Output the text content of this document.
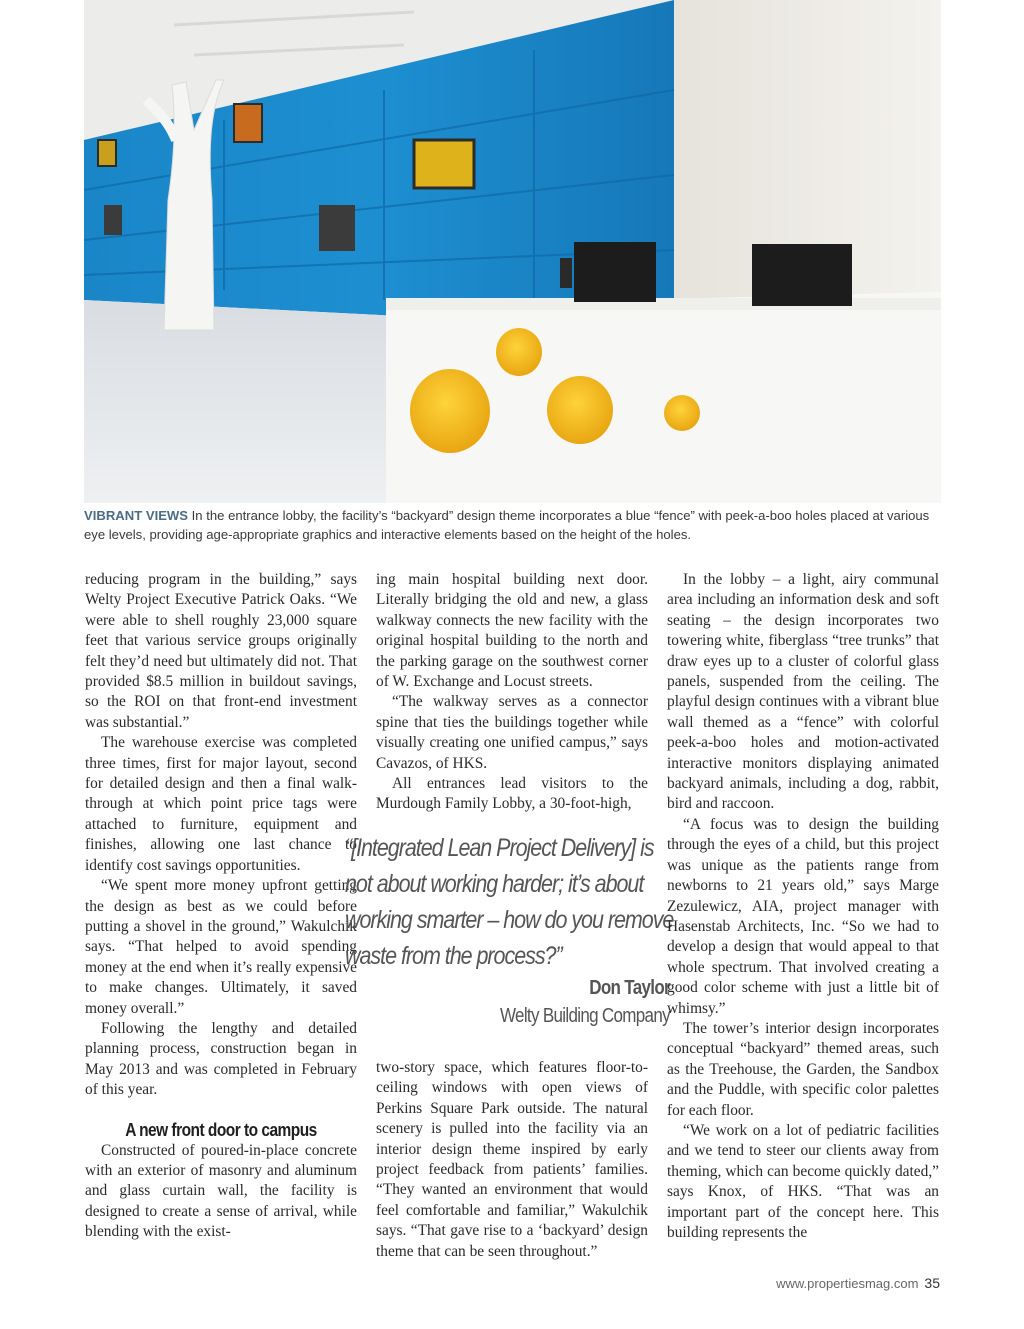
VIBRANT VIEWS In the entrance lobby, the facility’s “backyard” design theme incorporates a blue “fence” with peek-a-boo holes placed at various eye levels, providing age-appropriate graphics and interactive elements based on the height of the holes.

reducing program in the building,” says Welty Project Executive Patrick Oaks. “We were able to shell roughly 23,000 square feet that various service groups originally felt they’d need but ultimately did not. That provided $8.5 million in buildout savings, so the ROI on that front-end investment was substantial.”

The warehouse exercise was completed three times, first for major layout, second for detailed design and then a final walk-through at which point price tags were attached to furniture, equipment and finishes, allowing one last chance to identify cost savings opportunities.

“We spent more money upfront getting the design as best as we could before putting a shovel in the ground,” Wakulchik says. “That helped to avoid spending money at the end when it’s really expensive to make changes. Ultimately, it saved money overall.”

Following the lengthy and detailed planning process, construction began in May 2013 and was completed in February of this year.

A new front door to campus

Constructed of poured-in-place concrete with an exterior of masonry and aluminum and glass curtain wall, the facility is designed to create a sense of arrival, while blending with the exist-

ing main hospital building next door. Literally bridging the old and new, a glass walkway connects the new facility with the original hospital building to the north and the parking garage on the southwest corner of W. Exchange and Locust streets.

“The walkway serves as a connector spine that ties the buildings together while visually creating one unified campus,” says Cavazos, of HKS.

All entrances lead visitors to the Murdough Family Lobby, a 30-foot-high,

“[Integrated Lean Project Delivery] is not about working harder; it’s about working smarter – how do you remove waste from the process?”

Don Taylor
Welty Building Company

two-story space, which features floor-to-ceiling windows with open views of Perkins Square Park outside. The natural scenery is pulled into the facility via an interior design theme inspired by early project feedback from patients’ families. “They wanted an environment that would feel comfortable and familiar,” Wakulchik says. “That gave rise to a ‘backyard’ design theme that can be seen throughout.”

In the lobby – a light, airy communal area including an information desk and soft seating – the design incorporates two towering white, fiberglass “tree trunks” that draw eyes up to a cluster of colorful glass panels, suspended from the ceiling. The playful design continues with a vibrant blue wall themed as a “fence” with colorful peek-a-boo holes and motion-activated interactive monitors displaying animated backyard animals, including a dog, rabbit, bird and raccoon.

“A focus was to design the building through the eyes of a child, but this project was unique as the patients range from newborns to 21 years old,” says Marge Zezulewicz, AIA, project manager with Hasenstab Architects, Inc. “So we had to develop a design that would appeal to that whole spectrum. That involved creating a good color scheme with just a little bit of whimsy.”

The tower’s interior design incorporates conceptual “backyard” themed areas, such as the Treehouse, the Garden, the Sandbox and the Puddle, with specific color palettes for each floor.

“We work on a lot of pediatric facilities and we tend to steer our clients away from theming, which can become quickly dated,” says Knox, of HKS. “That was an important part of the concept here. This building represents the

www.propertiesmag.com 35
